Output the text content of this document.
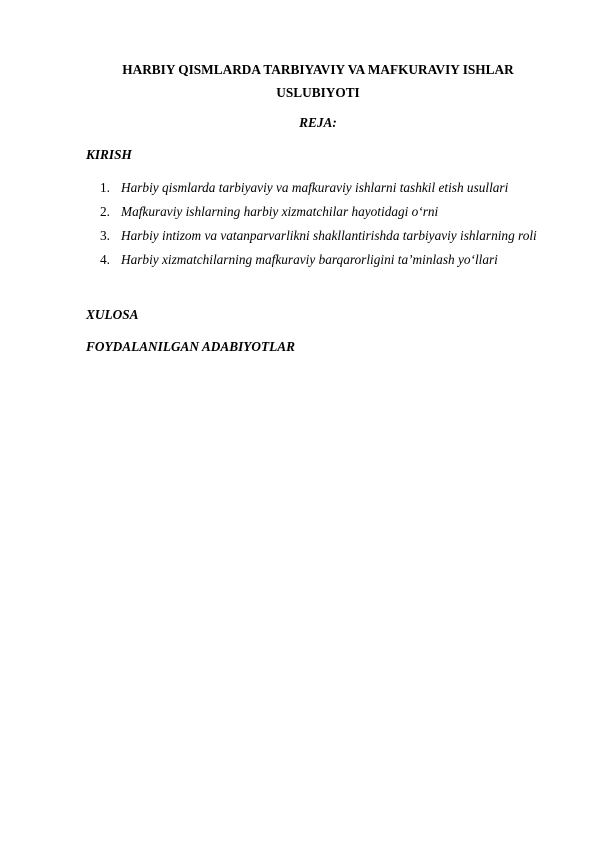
HARBIY QISMLARDA TARBIYAVIY VA MAFKURAVIY ISHLAR
USLUBIYOTI
REJA:
KIRISH
1. Harbiy qismlarda tarbiyaviy va mafkuraviy ishlarni tashkil etish usullari
2. Mafkuraviy ishlarning harbiy xizmatchilar hayotidagi o‘rni
3. Harbiy intizom va vatanparvarlikni shakllantirishda tarbiyaviy ishlarning roli
4. Harbiy xizmatchilarning mafkuraviy barqarorligini ta’minlash yo‘llari
XULOSA
FOYDALANILGAN ADABIYOTLAR
